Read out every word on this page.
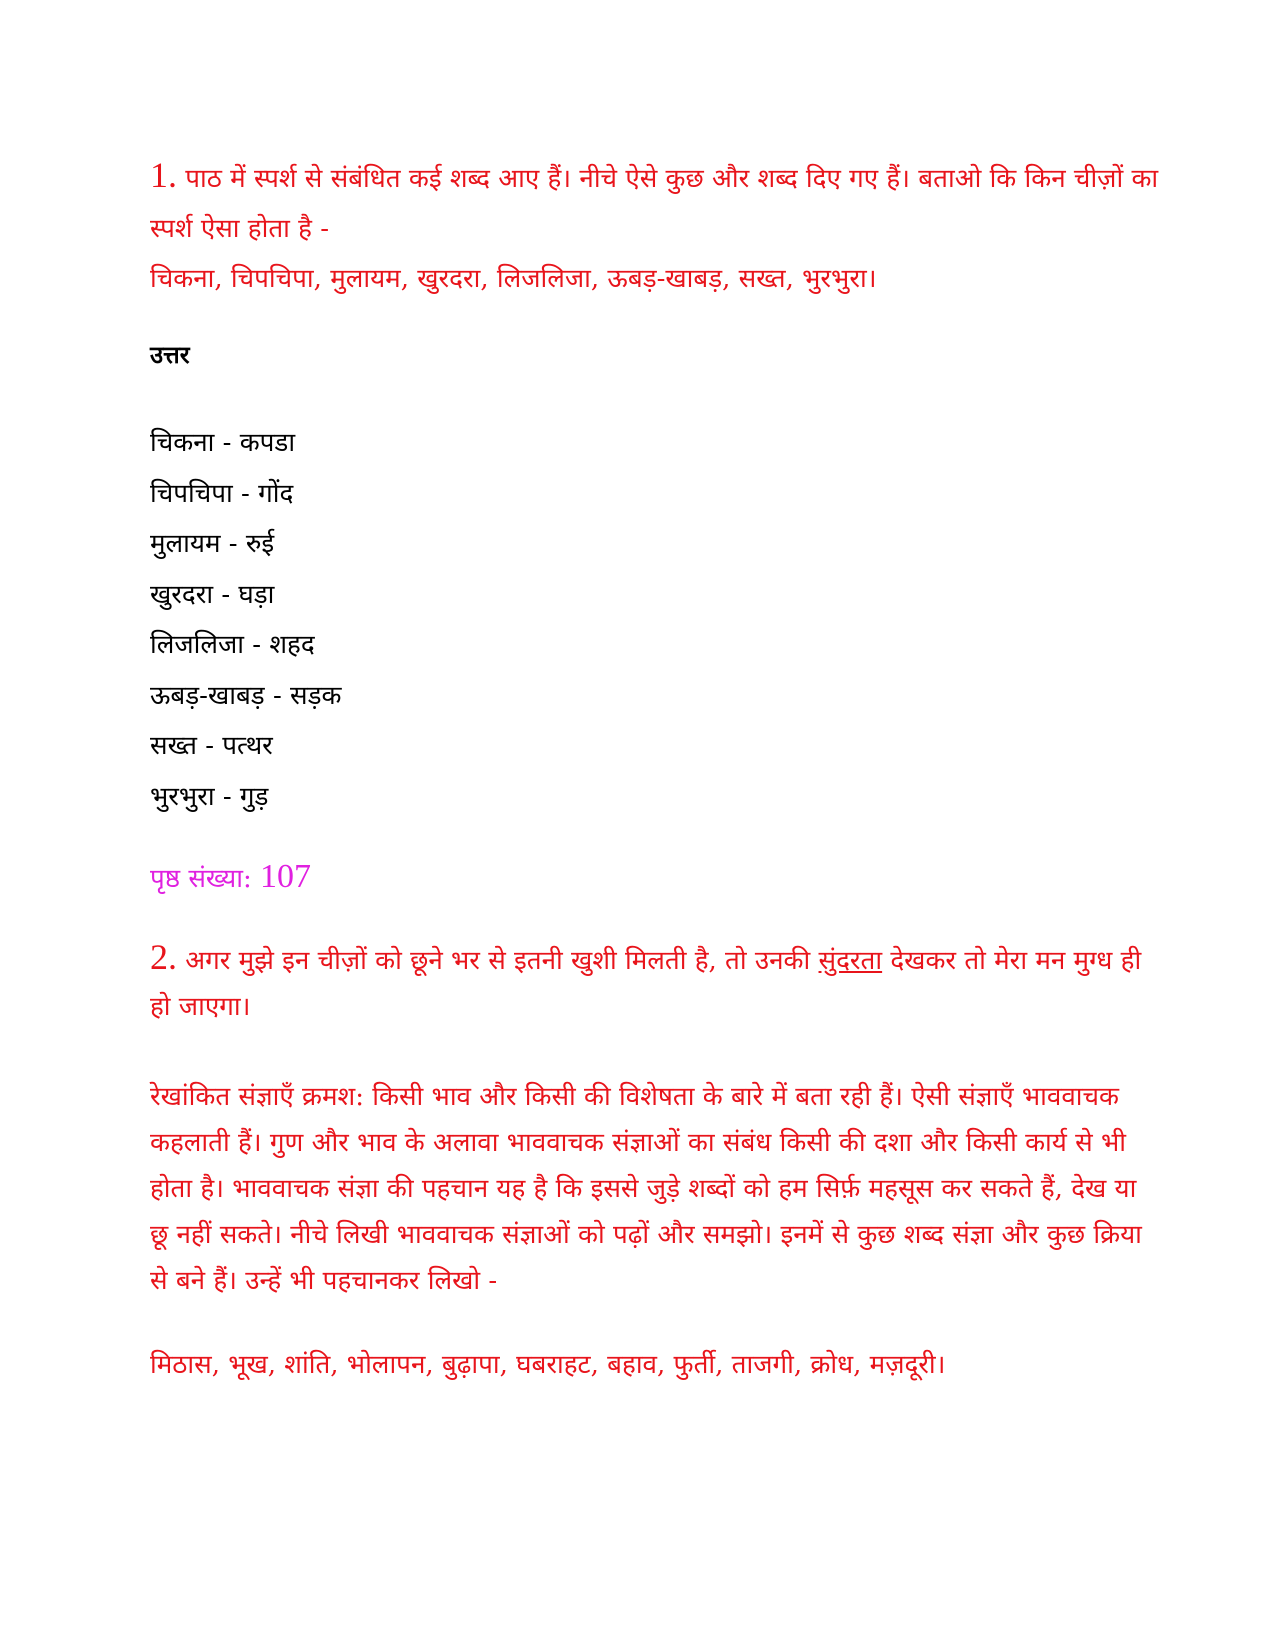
1. पाठ में स्पर्श से संबंधित कई शब्द आए हैं। नीचे ऐसे कुछ और शब्द दिए गए हैं। बताओ कि किन चीज़ों का स्पर्श ऐसा होता है -

चिकना, चिपचिपा, मुलायम, खुरदरा, लिजलिजा, ऊबड़-खाबड़, सख्त, भुरभुरा।

उत्तर

चिकना - कपडा
चिपचिपा - गोंद
मुलायम - रुई
खुरदरा - घड़ा
लिजलिजा - शहद
ऊबड़-खाबड़ - सड़क
सख्त - पत्थर
भुरभुरा - गुड़

पृष्ठ संख्या: 107

2. अगर मुझे इन चीज़ों को छूने भर से इतनी खुशी मिलती है, तो उनकी सुंदरता देखकर तो मेरा मन मुग्ध ही हो जाएगा।

रेखांकित संज्ञाएँ क्रमश: किसी भाव और किसी की विशेषता के बारे में बता रही हैं। ऐसी संज्ञाएँ भाववाचक कहलाती हैं। गुण और भाव के अलावा भाववाचक संज्ञाओं का संबंध किसी की दशा और किसी कार्य से भी होता है। भाववाचक संज्ञा की पहचान यह है कि इससे जुड़े शब्दों को हम सिर्फ़ महसूस कर सकते हैं, देख या छू नहीं सकते। नीचे लिखी भाववाचक संज्ञाओं को पढ़ों और समझो। इनमें से कुछ शब्द संज्ञा और कुछ क्रिया से बने हैं। उन्हें भी पहचानकर लिखो -

मिठास, भूख, शांति, भोलापन, बुढ़ापा, घबराहट, बहाव, फुर्ती, ताजगी, क्रोध, मज़दूरी।
